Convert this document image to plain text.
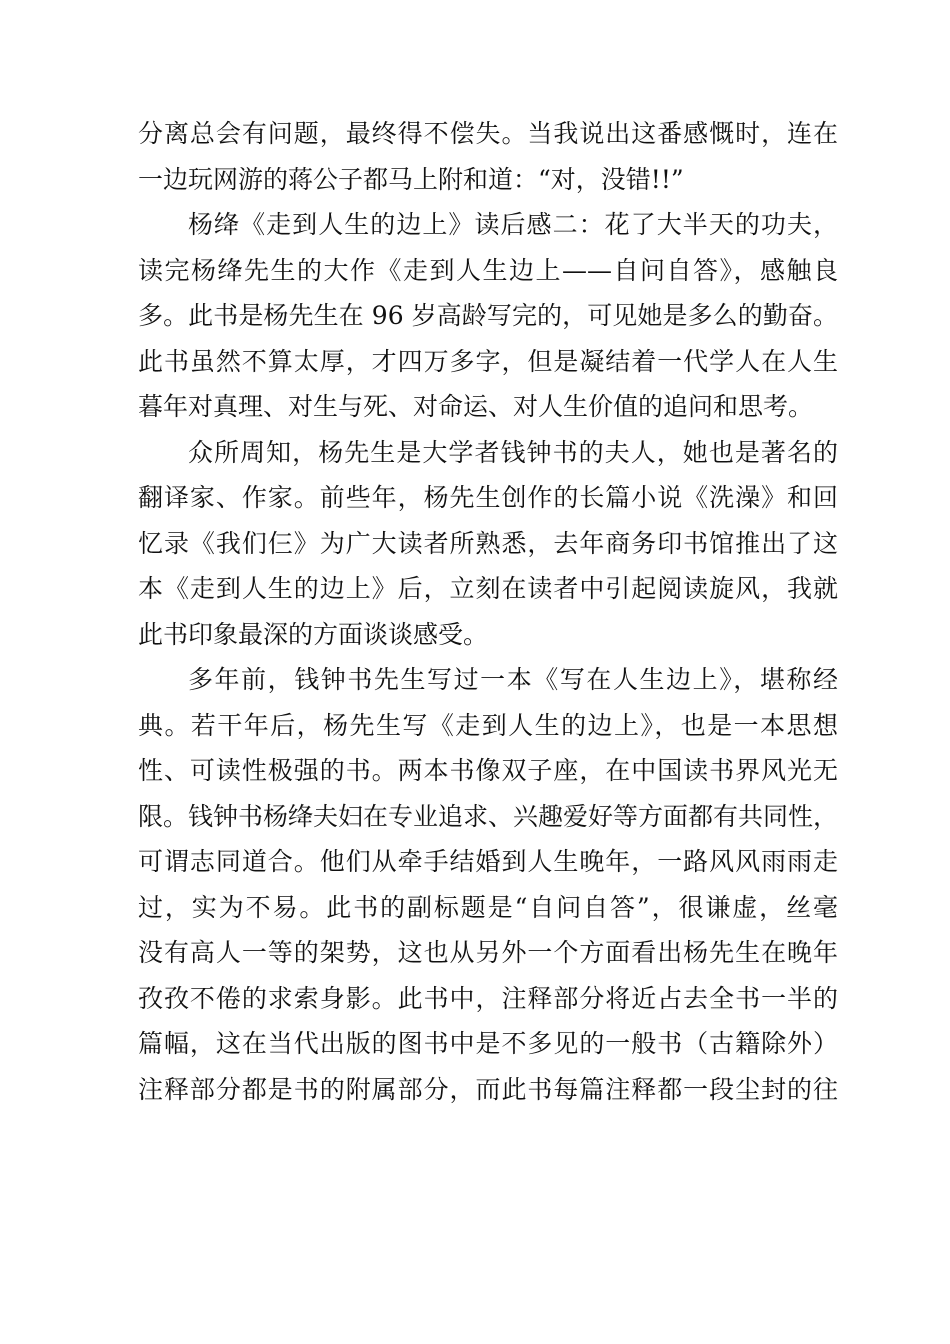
分离总会有问题，最终得不偿失。当我说出这番感慨时，连在
一边玩网游的蒋公子都马上附和道：“对，没错!!”
杨绛《走到人生的边上》读后感二：花了大半天的功夫，
读完杨绛先生的大作《走到人生边上——自问自答》，感触良
多。此书是杨先生在 96 岁高龄写完的，可见她是多么的勤奋。
此书虽然不算太厚，才四万多字，但是凝结着一代学人在人生
暮年对真理、对生与死、对命运、对人生价值的追问和思考。
众所周知，杨先生是大学者钱钟书的夫人，她也是著名的
翻译家、作家。前些年，杨先生创作的长篇小说《洗澡》和回
忆录《我们仨》为广大读者所熟悉，去年商务印书馆推出了这
本《走到人生的边上》后，立刻在读者中引起阅读旋风，我就
此书印象最深的方面谈谈感受。
多年前，钱钟书先生写过一本《写在人生边上》，堪称经
典。若干年后，杨先生写《走到人生的边上》，也是一本思想
性、可读性极强的书。两本书像双子座，在中国读书界风光无
限。钱钟书杨绛夫妇在专业追求、兴趣爱好等方面都有共同性，
可谓志同道合。他们从牵手结婚到人生晚年，一路风风雨雨走
过，实为不易。此书的副标题是“自问自答”，很谦虚，丝毫
没有高人一等的架势，这也从另外一个方面看出杨先生在晚年
孜孜不倦的求索身影。此书中，注释部分将近占去全书一半的
篇幅，这在当代出版的图书中是不多见的一般书（古籍除外）
注释部分都是书的附属部分，而此书每篇注释都一段尘封的往
